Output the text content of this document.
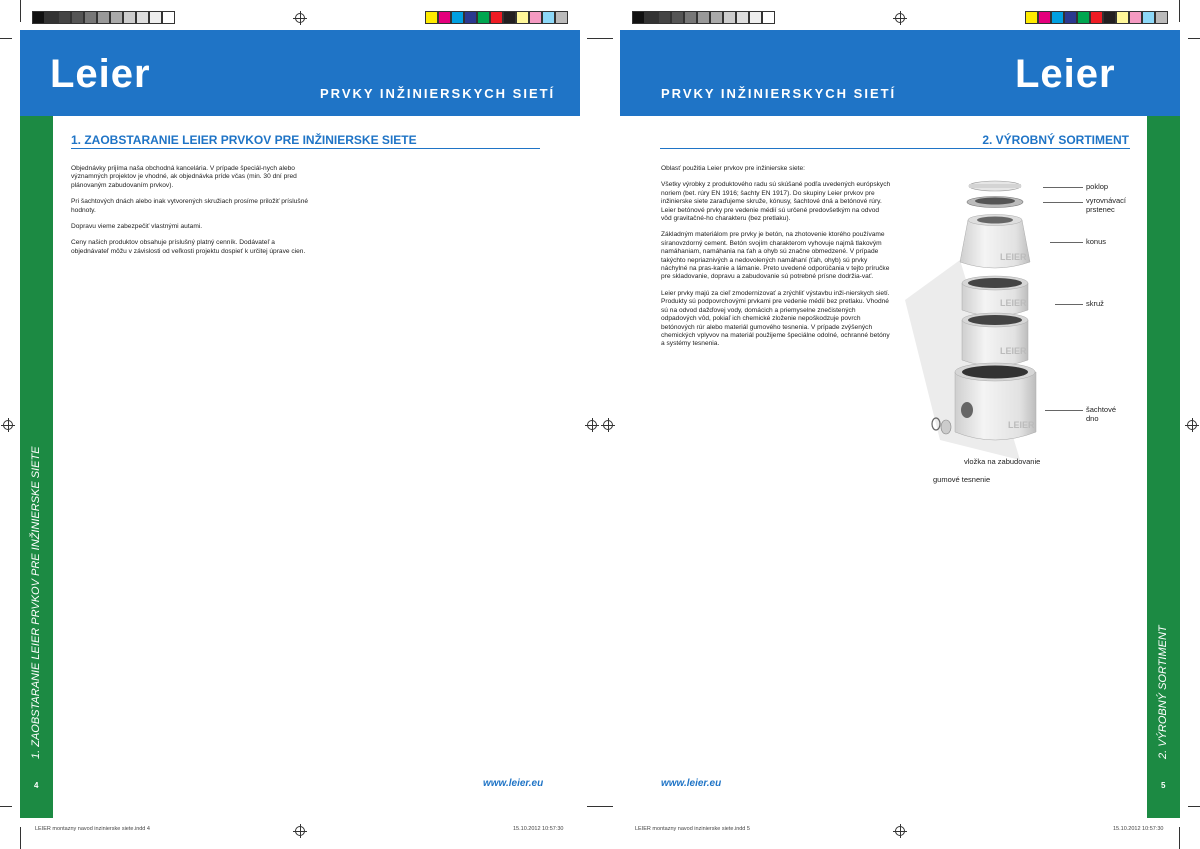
Leier	PRVKY INŽINIERSKYCH SIETÍ
1. ZAOBSTARANIE LEIER PRVKOV PRE INŽINIERSKE SIETE
4
1. ZAOBSTARANIE LEIER PRVKOV PRE INŽINIERSKE SIETE

Objednávky prijíma naša obchodná kancelária. V prípade špeciál-nych alebo významných projektov je vhodné, ak objednávka príde včas (min. 30 dní pred plánovaným zabudovaním prvkov).

Pri šachtových dnách alebo inak vytvorených skružiach prosíme priložiť príslušné hodnoty.

Dopravu vieme zabezpečiť vlastnými autami.

Ceny našich produktov obsahuje príslušný platný cenník. Dodávateľ a objednávateľ môžu v závislosti od veľkosti projektu dospieť k určitej úprave cien.

www.leier.eu
LEIER montazny navod inzinierske siete.indd 4	15.10.2012 10:57:30
PRVKY INŽINIERSKYCH SIETÍ	Leier
2. VÝROBNÝ SORTIMENT
5
2. VÝROBNÝ SORTIMENT

Oblasť použitia Leier prvkov pre inžinierske siete:

Všetky výrobky z produktového radu sú skúšané podľa uvedených európskych noriem (bet. rúry EN 1916; šachty EN 1917). Do skupiny Leier prvkov pre inžinierske siete zaraďujeme skruže, kónusy, šachtové dná a betónové rúry. Leier betónové prvky pre vedenie médií sú určené predovšetkým na odvod vôd gravitačné-ho charakteru (bez pretlaku).

Základným materiálom pre prvky je betón, na zhotovenie ktorého používame síranovzdorný cement. Betón svojím charakterom vyhovuje najmä tlakovým namáhaniam, namáhania na ťah a ohyb sú značne obmedzené. V prípade takýchto nepriaznivých a nedovolených namáhaní (ťah, ohyb) sú prvky náchylné na pras-kanie a lámanie. Preto uvedené odporúčania v tejto príručke pre skladovanie, dopravu a zabudovanie sú potrebné prísne dodržia-vať.

Leier prvky majú za cieľ zmodernizovať a zrýchliť výstavbu inži-nierskych sietí. Produkty sú podpovrchovými prvkami pre vedenie médií bez pretlaku. Vhodné sú na odvod dažďovej vody, domácich a priemyselne znečistených odpadových vôd, pokiaľ ich chemické zloženie nepoškodzuje povrch betónových rúr alebo materiál gumového tesnenia. V prípade zvýšených chemických vplyvov na materiál použijeme špeciálne odolné, ochranné betóny a systémy tesnenia.

LEIER
LEIER
LEIER
LEIER
poklop
vyrovnávací
prstenec
konus
skruž
šachtové
dno
vložka na zabudovanie
gumové tesnenie
www.leier.eu
LEIER montazny navod inzinierske siete.indd 5	15.10.2012 10:57:30
